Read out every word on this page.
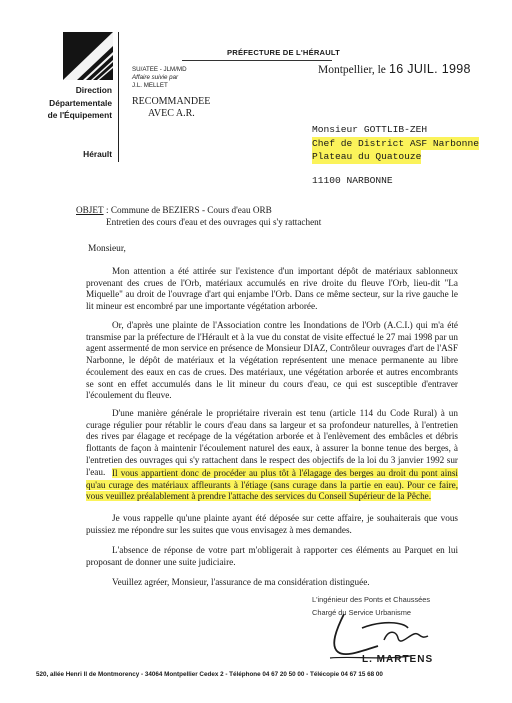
Direction
Départementale
de l'Équipement
Hérault
PRÉFECTURE DE L'HÉRAULT
Montpellier, le 16 JUIL. 1998
SU/ATEE - JLM/MD
Affaire suivie par
J.L. MELLET
RECOMMANDEE
AVEC A.R.
Monsieur GOTTLIB-ZEH
Chef de District ASF Narbonne Plateau du Quatouze
11100 NARBONNE
OBJET : Commune de BEZIERS - Cours d'eau ORB
Entretien des cours d'eau et des ouvrages qui s'y rattachent
Monsieur,

Mon attention a été attirée sur l'existence d'un important dépôt de matériaux sablonneux provenant des crues de l'Orb, matériaux accumulés en rive droite du fleuve l'Orb, lieu-dit "La Miquelle" au droit de l'ouvrage d'art qui enjambe l'Orb. Dans ce même secteur, sur la rive gauche le lit mineur est encombré par une importante végétation arborée.

Or, d'après une plainte de l'Association contre les Inondations de l'Orb (A.C.I.) qui m'a été transmise par la préfecture de l'Hérault et à la vue du constat de visite effectué le 27 mai 1998 par un agent assermenté de mon service en présence de Monsieur DIAZ, Contrôleur ouvrages d'art de l'ASF Narbonne, le dépôt de matériaux et la végétation représentent une menace permanente au libre écoulement des eaux en cas de crues. Des matériaux, une végétation arborée et autres encombrants se sont en effet accumulés dans le lit mineur du cours d'eau, ce qui est susceptible d'entraver l'écoulement du fleuve.

D'une manière générale le propriétaire riverain est tenu (article 114 du Code Rural) à un curage régulier pour rétablir le cours d'eau dans sa largeur et sa profondeur naturelles, à l'entretien des rives par élagage et recépage de la végétation arborée et à l'enlèvement des embâcles et débris flottants de façon à maintenir l'écoulement naturel des eaux, à assurer la bonne tenue des berges, à l'entretien des ouvrages qui s'y rattachent dans le respect des objectifs de la loi du 3 janvier 1992 sur l'eau. Il vous appartient donc de procéder au plus tôt à l'élagage des berges au droit du pont ainsi qu'au curage des matériaux affleurants à l'étiage (sans curage dans la partie en eau). Pour ce faire, vous veuillez préalablement à prendre l'attache des services du Conseil Supérieur de la Pêche.

Je vous rappelle qu'une plainte ayant été déposée sur cette affaire, je souhaiterais que vous puissiez me répondre sur les suites que vous envisagez à mes demandes.

L'absence de réponse de votre part m'obligerait à rapporter ces éléments au Parquet en lui proposant de donner une suite judiciaire.

Veuillez agréer, Monsieur, l'assurance de ma considération distinguée.

L'ingénieur des Ponts et Chaussées
Chargé du Service Urbanisme
L. MARTENS
520, allée Henri II de Montmorency - 34064 Montpellier Cedex 2 - Téléphone 04 67 20 50 00 - Télécopie 04 67 15 68 00
